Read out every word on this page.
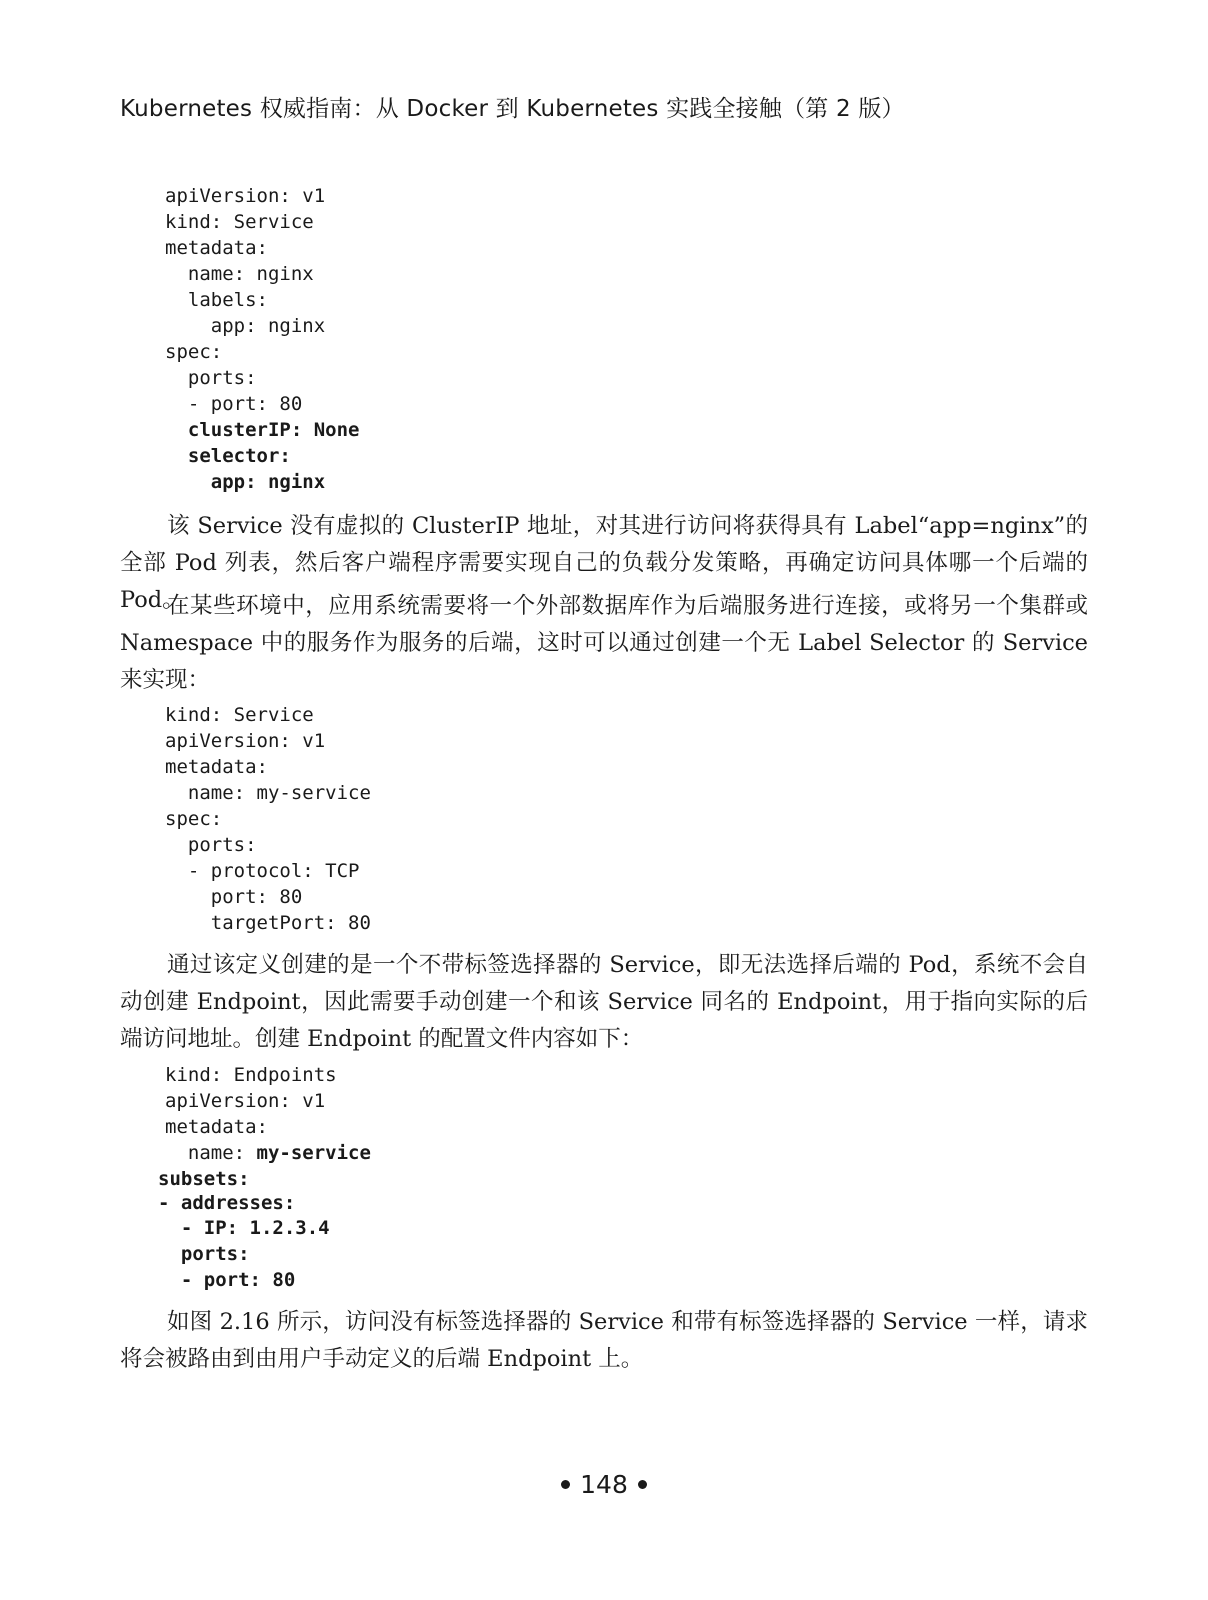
Kubernetes 权威指南：从 Docker 到 Kubernetes 实践全接触（第 2 版）
apiVersion: v1
kind: Service
metadata:
name: nginx
labels:
app: nginx
spec:
ports:
- port: 80
clusterIP: None
selector:
app: nginx
该 Service 没有虚拟的 ClusterIP 地址，对其进行访问将获得具有 Label“app=nginx”的全部 Pod 列表，然后客户端程序需要实现自己的负载分发策略，再确定访问具体哪一个后端的 Pod。
在某些环境中，应用系统需要将一个外部数据库作为后端服务进行连接，或将另一个集群或 Namespace 中的服务作为服务的后端，这时可以通过创建一个无 Label Selector 的 Service 来实现：
kind: Service
apiVersion: v1
metadata:
name: my-service
spec:
ports:
- protocol: TCP
port: 80
targetPort: 80
通过该定义创建的是一个不带标签选择器的 Service，即无法选择后端的 Pod，系统不会自动创建 Endpoint，因此需要手动创建一个和该 Service 同名的 Endpoint，用于指向实际的后端访问地址。创建 Endpoint 的配置文件内容如下：
kind: Endpoints
apiVersion: v1
metadata:
name: my-service
subsets:
- addresses:
- IP: 1.2.3.4
ports:
- port: 80
如图 2.16 所示，访问没有标签选择器的 Service 和带有标签选择器的 Service 一样，请求将会被路由到由用户手动定义的后端 Endpoint 上。
148
